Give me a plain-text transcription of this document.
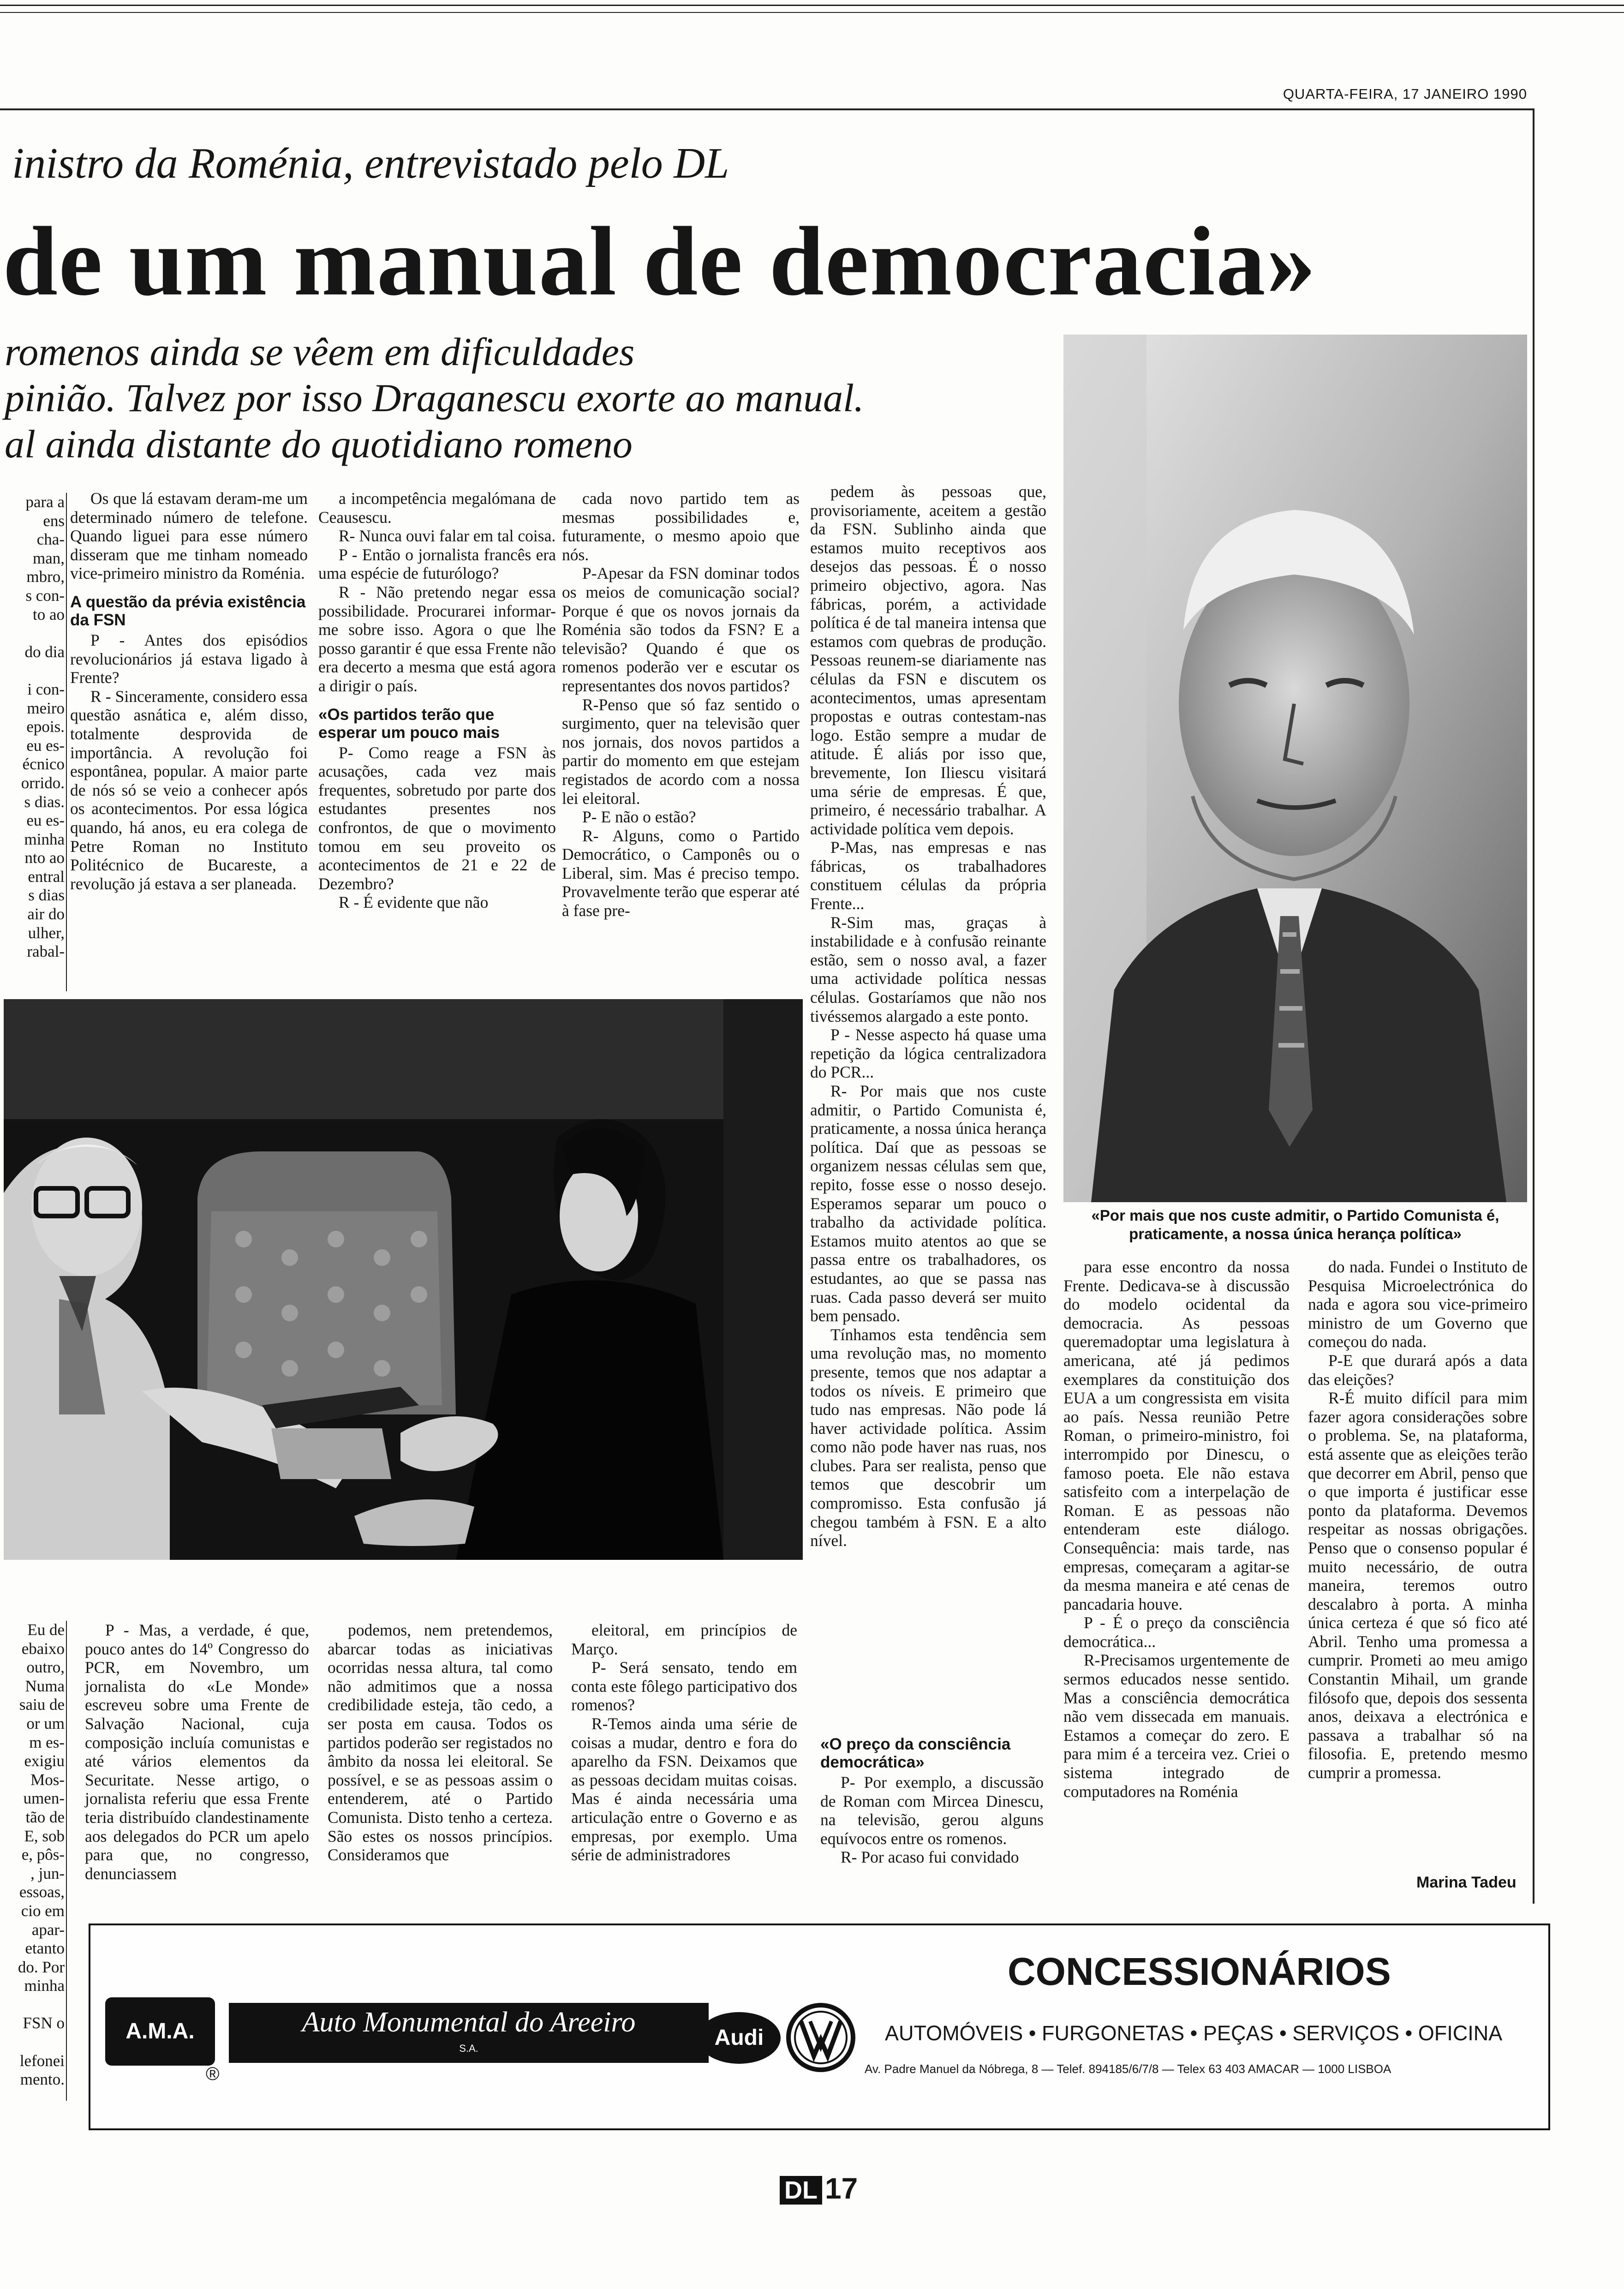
QUARTA-FEIRA, 17 JANEIRO 1990
inistro da Roménia, entrevistado pelo DL
de um manual de democracia»
romenos ainda se vêem em dificuldades
pinião. Talvez por isso Draganescu exorte ao manual.
al ainda distante do quotidiano romeno
para a
ens
cha-
man,
mbro,
s con-
to ao

do dia

i con-
meiro
epois.
eu es-
écnico
orrido.
s dias.
eu es-
minha
nto ao
entral
s dias
air do
ulher,
rabal-

Os que lá estavam deram-me um determinado número de telefone. Quando liguei para esse número disseram que me tinham nomeado vice-primeiro ministro da Roménia.

A questão da prévia existência da FSN

P - Antes dos episódios revolucionários já estava ligado à Frente?

R - Sinceramente, considero essa questão asnática e, além disso, totalmente desprovida de importância. A revolução foi espontânea, popular. A maior parte de nós só se veio a conhecer após os acontecimentos. Por essa lógica quando, há anos, eu era colega de Petre Roman no Instituto Politécnico de Bucareste, a revolução já estava a ser planeada.

a incompetência megalómana de Ceausescu.

R- Nunca ouvi falar em tal coisa.

P - Então o jornalista francês era uma espécie de futurólogo?

R - Não pretendo negar essa possibilidade. Procurarei informar-me sobre isso. Agora o que lhe posso garantir é que essa Frente não era decerto a mesma que está agora a dirigir o país.

«Os partidos terão que esperar um pouco mais

P- Como reage a FSN às acusações, cada vez mais frequentes, sobretudo por parte dos estudantes presentes nos confrontos, de que o movimento tomou em seu proveito os acontecimentos de 21 e 22 de Dezembro?

R - É evidente que não

cada novo partido tem as mesmas possibilidades e, futuramente, o mesmo apoio que nós.

P-Apesar da FSN dominar todos os meios de comunicação social? Porque é que os novos jornais da Roménia são todos da FSN? E a televisão? Quando é que os romenos poderão ver e escutar os representantes dos novos partidos?

R-Penso que só faz sentido o surgimento, quer na televisão quer nos jornais, dos novos partidos a partir do momento em que estejam registados de acordo com a nossa lei eleitoral.

P- E não o estão?

R- Alguns, como o Partido Democrático, o Camponês ou o Liberal, sim. Mas é preciso tempo. Provavelmente terão que esperar até à fase pre-

pedem às pessoas que, provisoriamente, aceitem a gestão da FSN. Sublinho ainda que estamos muito receptivos aos desejos das pessoas. É o nosso primeiro objectivo, agora. Nas fábricas, porém, a actividade política é de tal maneira intensa que estamos com quebras de produção. Pessoas reunem-se diariamente nas células da FSN e discutem os acontecimentos, umas apresentam propostas e outras contestam-nas logo. Estão sempre a mudar de atitude. É aliás por isso que, brevemente, Ion Iliescu visitará uma série de empresas. É que, primeiro, é necessário trabalhar. A actividade política vem depois.

P-Mas, nas empresas e nas fábricas, os trabalhadores constituem células da própria Frente...

R-Sim mas, graças à instabilidade e à confusão reinante estão, sem o nosso aval, a fazer uma actividade política nessas células. Gostaríamos que não nos tivéssemos alargado a este ponto.

P - Nesse aspecto há quase uma repetição da lógica centralizadora do PCR...

R- Por mais que nos custe admitir, o Partido Comunista é, praticamente, a nossa única herança política. Daí que as pessoas se organizem nessas células sem que, repito, fosse esse o nosso desejo. Esperamos separar um pouco o trabalho da actividade política. Estamos muito atentos ao que se passa entre os trabalhadores, os estudantes, ao que se passa nas ruas. Cada passo deverá ser muito bem pensado.

Tínhamos esta tendência sem uma revolução mas, no momento presente, temos que nos adaptar a todos os níveis. E primeiro que tudo nas empresas. Não pode lá haver actividade política. Assim como não pode haver nas ruas, nos clubes. Para ser realista, penso que temos que descobrir um compromisso. Esta confusão já chegou também à FSN. E a alto nível.

«Por mais que nos custe admitir, o Partido Comunista é, praticamente, a nossa única herança política»
Eu de
ebaixo
outro,
Numa
saiu de
or um
m es-
exigiu
Mos-
umen-
tão de
E, sob
e, pôs-
, jun-
essoas,
cio em
apar-
etanto
do. Por
minha

FSN o

lefonei
mento.

P - Mas, a verdade, é que, pouco antes do 14º Congresso do PCR, em Novembro, um jornalista do «Le Monde» escreveu sobre uma Frente de Salvação Nacional, cuja composição incluía comunistas e até vários elementos da Securitate. Nesse artigo, o jornalista referiu que essa Frente teria distribuído clandestinamente aos delegados do PCR um apelo para que, no congresso, denunciassem

podemos, nem pretendemos, abarcar todas as iniciativas ocorridas nessa altura, tal como não admitimos que a nossa credibilidade esteja, tão cedo, a ser posta em causa. Todos os partidos poderão ser registados no âmbito da nossa lei eleitoral. Se possível, e se as pessoas assim o entenderem, até o Partido Comunista. Disto tenho a certeza. São estes os nossos princípios. Consideramos que

eleitoral, em princípios de Março.

P- Será sensato, tendo em conta este fôlego participativo dos romenos?

R-Temos ainda uma série de coisas a mudar, dentro e fora do aparelho da FSN. Deixamos que as pessoas decidam muitas coisas. Mas é ainda necessária uma articulação entre o Governo e as empresas, por exemplo. Uma série de administradores

«O preço da consciência democrática»

P- Por exemplo, a discussão de Roman com Mircea Dinescu, na televisão, gerou alguns equívocos entre os romenos.

R- Por acaso fui convidado

para esse encontro da nossa Frente. Dedicava-se à discussão do modelo ocidental da democracia. As pessoas queremadoptar uma legislatura à americana, até já pedimos exemplares da constituição dos EUA a um congressista em visita ao país. Nessa reunião Petre Roman, o primeiro-ministro, foi interrompido por Dinescu, o famoso poeta. Ele não estava satisfeito com a interpelação de Roman. E as pessoas não entenderam este diálogo. Consequência: mais tarde, nas empresas, começaram a agitar-se da mesma maneira e até cenas de pancadaria houve.

P - É o preço da consciência democrática...

R-Precisamos urgentemente de sermos educados nesse sentido. Mas a consciência democrática não vem dissecada em manuais. Estamos a começar do zero. E para mim é a terceira vez. Criei o sistema integrado de computadores na Roménia

do nada. Fundei o Instituto de Pesquisa Microelectrónica do nada e agora sou vice-primeiro ministro de um Governo que começou do nada.

P-E que durará após a data das eleições?

R-É muito difícil para mim fazer agora considerações sobre o problema. Se, na plataforma, está assente que as eleições terão que decorrer em Abril, penso que o que importa é justificar esse ponto da plataforma. Devemos respeitar as nossas obrigações. Penso que o consenso popular é muito necessário, de outra maneira, teremos outro descalabro à porta. A minha única certeza é que só fico até Abril. Tenho uma promessa a cumprir. Prometi ao meu amigo Constantin Mihail, um grande filósofo que, depois dos sessenta anos, deixava a electrónica e passava a trabalhar só na filosofia. E, pretendo mesmo cumprir a promessa.

Marina Tadeu
CONCESSIONÁRIOS
A.M.A.	Auto Monumental do Areeiro
S.A.
®
Audi	AUTOMÓVEIS • FURGONETAS • PEÇAS • SERVIÇOS • OFICINA
Av. Padre Manuel da Nóbrega, 8 — Telef. 894185/6/7/8 — Telex 63 403 AMACAR — 1000 LISBOA
DL 17
